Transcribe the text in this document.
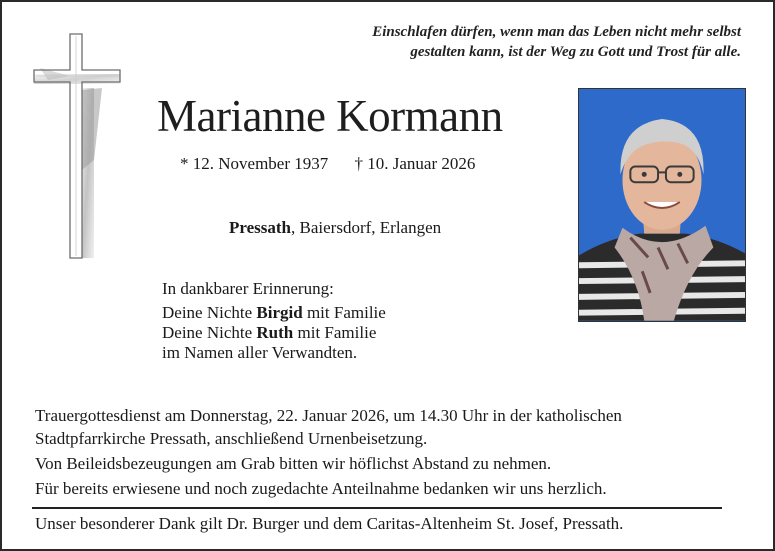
Einschlafen dürfen, wenn man das Leben nicht mehr selbst
gestalten kann, ist der Weg zu Gott und Trost für alle.
Marianne Kormann
* 12. November 1937 † 10. Januar 2026
Pressath, Baiersdorf, Erlangen
In dankbarer Erinnerung:
Deine Nichte Birgid mit Familie
Deine Nichte Ruth mit Familie
im Namen aller Verwandten.

Trauergottesdienst am Donnerstag, 22. Januar 2026, um 14.30 Uhr in der katholischen

Stadtpfarrkirche Pressath, anschließend Urnenbeisetzung.

Von Beileidsbezeugungen am Grab bitten wir höflichst Abstand zu nehmen.

Für bereits erwiesene und noch zugedachte Anteilnahme bedanken wir uns herzlich.

Unser besonderer Dank gilt Dr. Burger und dem Caritas-Altenheim St. Josef, Pressath.
